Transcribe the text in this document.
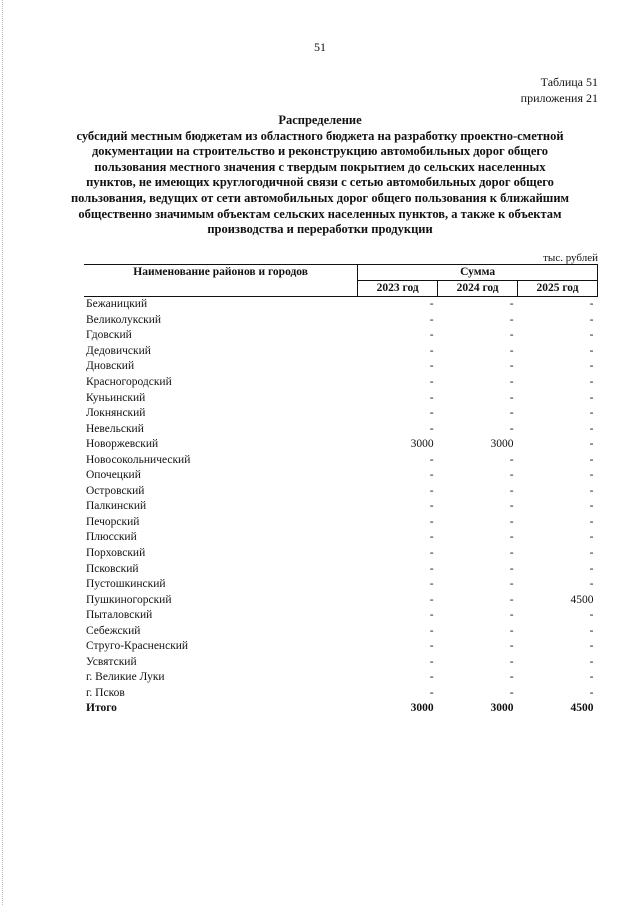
51
Таблица 51
приложения 21
Распределение
субсидий местным бюджетам из областного бюджета на разработку проектно-сметной документации на строительство и реконструкцию автомобильных дорог общего пользования местного значения с твердым покрытием до сельских населенных пунктов, не имеющих круглогодичной связи с сетью автомобильных дорог общего пользования, ведущих от сети автомобильных дорог общего пользования к ближайшим общественно значимым объектам сельских населенных пунктов, а также к объектам производства и переработки продукции
тыс. рублей
Наименование районов и городов	Сумма		
	2023 год	2024 год	2025 год
Бежаницкий	-	-	-
Великолукский	-	-	-
Гдовский	-	-	-
Дедовичский	-	-	-
Дновский	-	-	-
Красногородский	-	-	-
Куньинский	-	-	-
Локнянский	-	-	-
Невельский	-	-	-
Новоржевский	3000	3000	-
Новосокольнический	-	-	-
Опочецкий	-	-	-
Островский	-	-	-
Палкинский	-	-	-
Печорский	-	-	-
Плюсский	-	-	-
Порховский	-	-	-
Псковский	-	-	-
Пустошкинский	-	-	-
Пушкиногорский	-	-	4500
Пыталовский	-	-	-
Себежский	-	-	-
Струго-Красненский	-	-	-
Усвятский	-	-	-
г. Великие Луки	-	-	-
г. Псков	-	-	-
Итого	3000	3000	4500
